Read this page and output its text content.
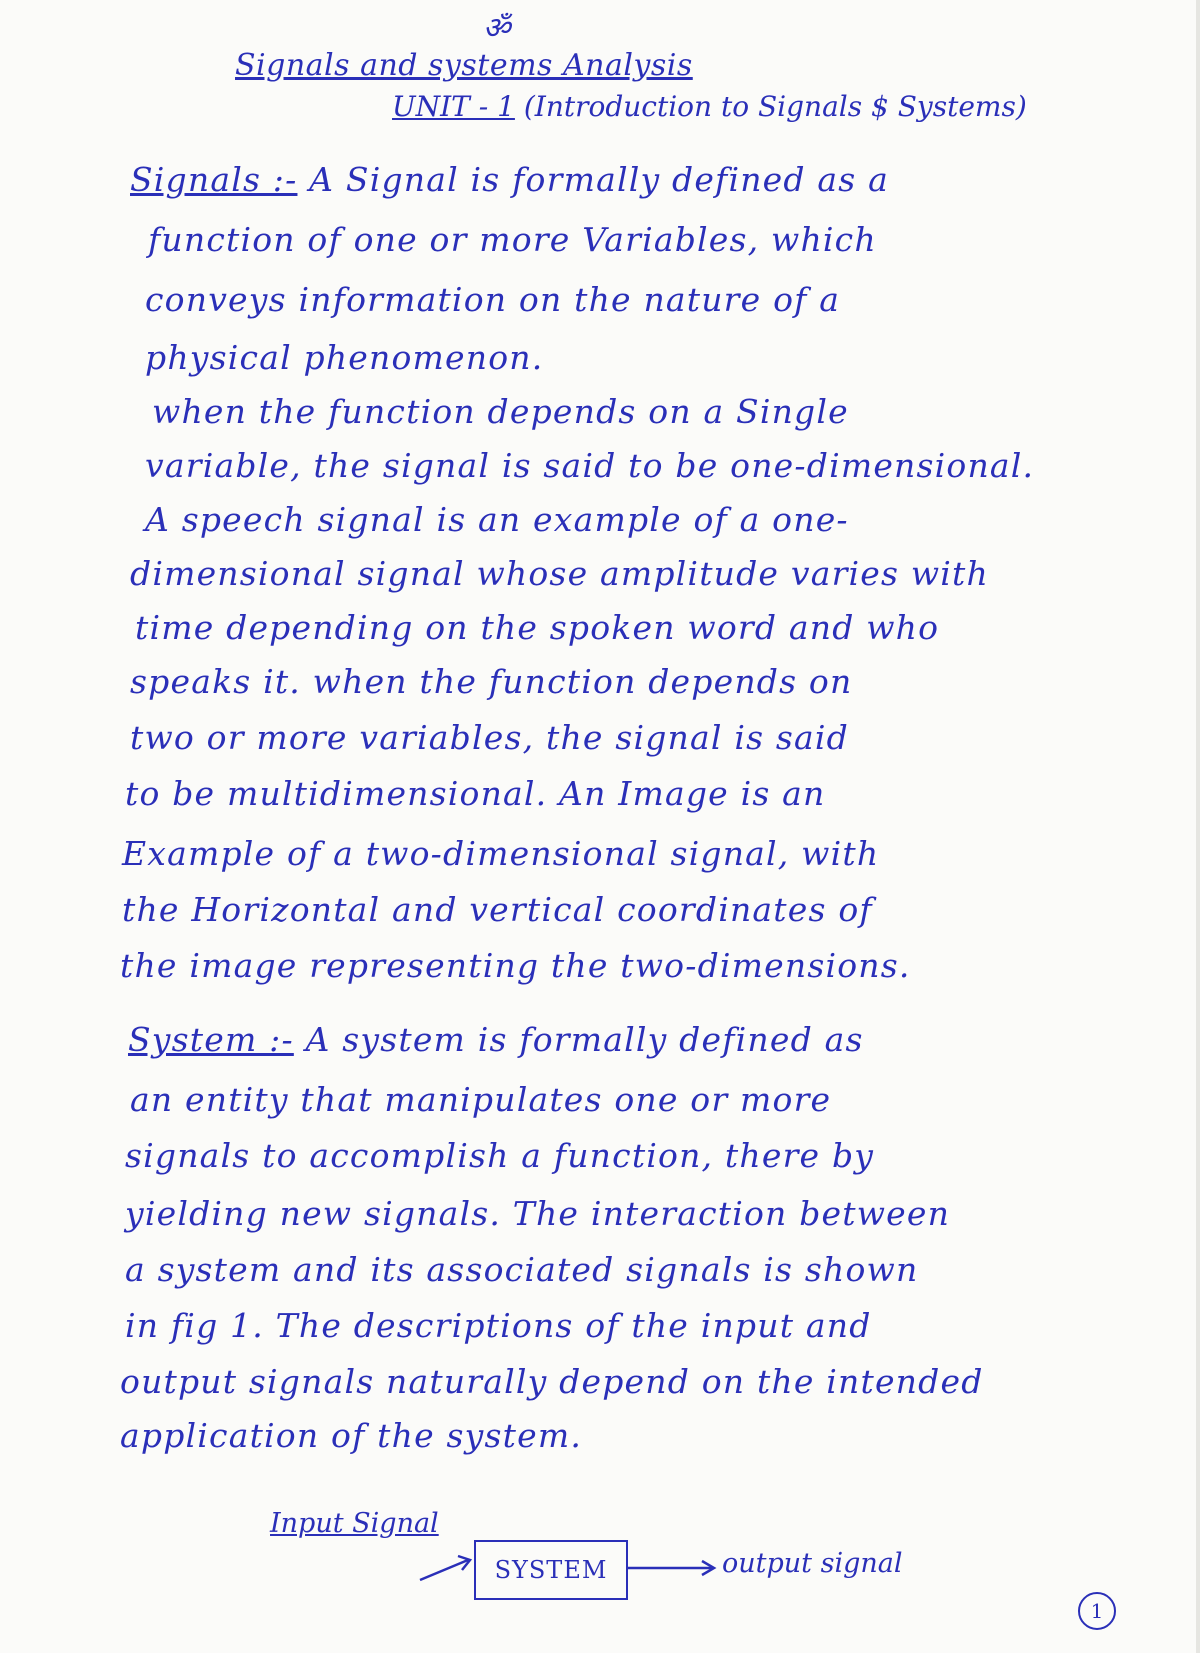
ॐ
Signals and systems Analysis
UNIT - 1 (Introduction to Signals $ Systems)
Signals :- A Signal is formally defined as a
function of one or more Variables, which
conveys information on the nature of a
physical phenomenon.
when the function depends on a Single
variable, the signal is said to be one-dimensional.
A speech signal is an example of a one-
dimensional signal whose amplitude varies with
time depending on the spoken word and who
speaks it. when the function depends on
two or more variables, the signal is said
to be multidimensional. An Image is an
Example of a two-dimensional signal, with
the Horizontal and vertical coordinates of
the image representing the two-dimensions.
System :- A system is formally defined as
an entity that manipulates one or more
signals to accomplish a function, there by
yielding new signals. The interaction between
a system and its associated signals is shown
in fig 1. The descriptions of the input and
output signals naturally depend on the intended
application of the system.
Input Signal
SYSTEM	output signal
1
